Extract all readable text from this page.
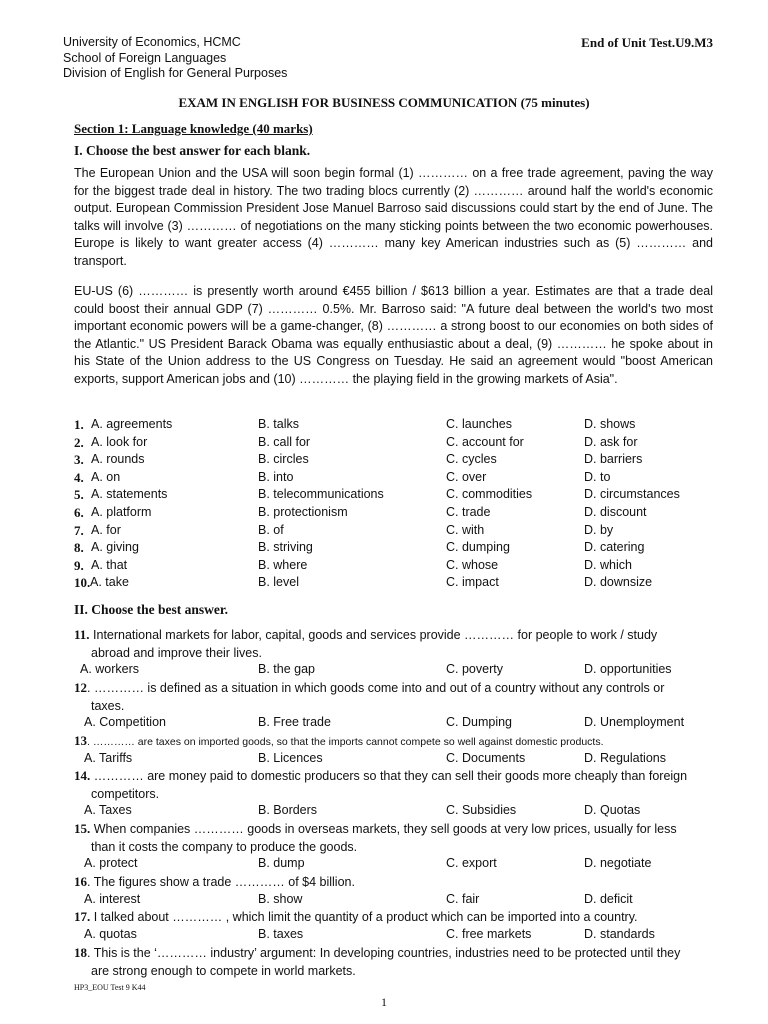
University of Economics, HCMC
School of Foreign Languages
Division of English for General Purposes
End of Unit Test.U9.M3
EXAM IN ENGLISH FOR BUSINESS COMMUNICATION (75 minutes)
Section 1: Language knowledge (40 marks)
I. Choose the best answer for each blank.

The European Union and the USA will soon begin formal (1) ………… on a free trade agreement, paving the way for the biggest trade deal in history. The two trading blocs currently (2) ………… around half the world's economic output. European Commission President Jose Manuel Barroso said discussions could start by the end of June. The talks will involve (3) ………… of negotiations on the many sticking points between the two economic powerhouses. Europe is likely to want greater access (4) ………… many key American industries such as (5) ………… and transport.

EU-US (6) ………… is presently worth around €455 billion / $613 billion a year. Estimates are that a trade deal could boost their annual GDP (7) ………… 0.5%. Mr. Barroso said: "A future deal between the world's two most important economic powers will be a game-changer, (8) ………… a strong boost to our economies on both sides of the Atlantic." US President Barack Obama was equally enthusiastic about a deal, (9) ………… he spoke about in his State of the Union address to the US Congress on Tuesday. He said an agreement would "boost American exports, support American jobs and (10) ………… the playing field in the growing markets of Asia".

1. A. agreements	B. talks	C. launches	D. shows
2. A. look for	B. call for	C. account for	D. ask for
3. A. rounds	B. circles	C. cycles	D. barriers
4. A. on	B. into	C. over	D. to
5. A. statements	B. telecommunications	C. commodities	D. circumstances
6. A. platform	B. protectionism	C. trade	D. discount
7. A. for	B. of	C. with	D. by
8. A. giving	B. striving	C. dumping	D. catering
9. A. that	B. where	C. whose	D. which
10. A. take	B. level	C. impact	D. downsize
II. Choose the best answer.
11. International markets for labor, capital, goods and services provide ………… for people to work / study
abroad and improve their lives.
A. workers	B. the gap	C. poverty	D. opportunities
12. ………… is defined as a situation in which goods come into and out of a country without any controls or
taxes.
A. Competition	B. Free trade	C. Dumping	D. Unemployment
13. ………… are taxes on imported goods, so that the imports cannot compete so well against domestic products.
A. Tariffs	B. Licences	C. Documents	D. Regulations
14. ………… are money paid to domestic producers so that they can sell their goods more cheaply than foreign
competitors.
A. Taxes	B. Borders	C. Subsidies	D. Quotas
15. When companies ………… goods in overseas markets, they sell goods at very low prices, usually for less
than it costs the company to produce the goods.
A. protect	B. dump	C. export	D. negotiate
16. The figures show a trade ………… of $4 billion.
A. interest	B. show	C. fair	D. deficit
17. I talked about ………… , which limit the quantity of a product which can be imported into a country.
A. quotas	B. taxes	C. free markets	D. standards
18. This is the ‘………… industry’ argument: In developing countries, industries need to be protected until they
are strong enough to compete in world markets.
HP3_EOU Test 9 K44
1
